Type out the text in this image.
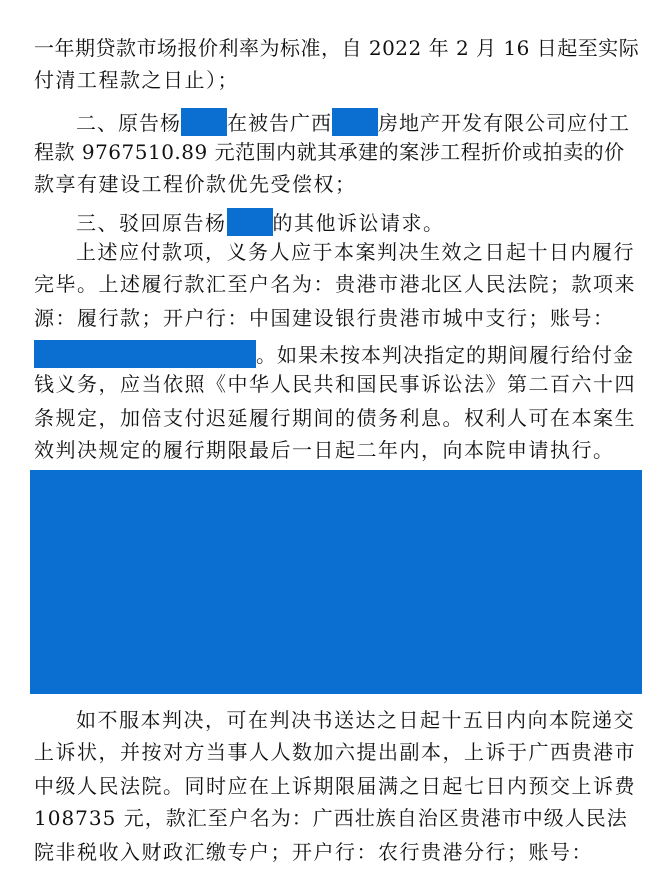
一年期贷款市场报价利率为标准，自 2022 年 2 月 16 日起至实际
付清工程款之日止）；
二、原告杨 在被告广西 房地产开发有限公司应付工
程款 9767510.89 元范围内就其承建的案涉工程折价或拍卖的价
款享有建设工程价款优先受偿权；
三、驳回原告杨 的其他诉讼请求。
上述应付款项，义务人应于本案判决生效之日起十日内履行
完毕。上述履行款汇至户名为：贵港市港北区人民法院；款项来
源：履行款；开户行：中国建设银行贵港市城中支行；账号：
。如果未按本判决指定的期间履行给付金
钱义务，应当依照《中华人民共和国民事诉讼法》第二百六十四
条规定，加倍支付迟延履行期间的债务利息。权利人可在本案生
效判决规定的履行期限最后一日起二年内，向本院申请执行。
如不服本判决，可在判决书送达之日起十五日内向本院递交
上诉状，并按对方当事人人数加六提出副本，上诉于广西贵港市
中级人民法院。同时应在上诉期限届满之日起七日内预交上诉费
108735 元，款汇至户名为：广西壮族自治区贵港市中级人民法
院非税收入财政汇缴专户；开户行：农行贵港分行；账号：
